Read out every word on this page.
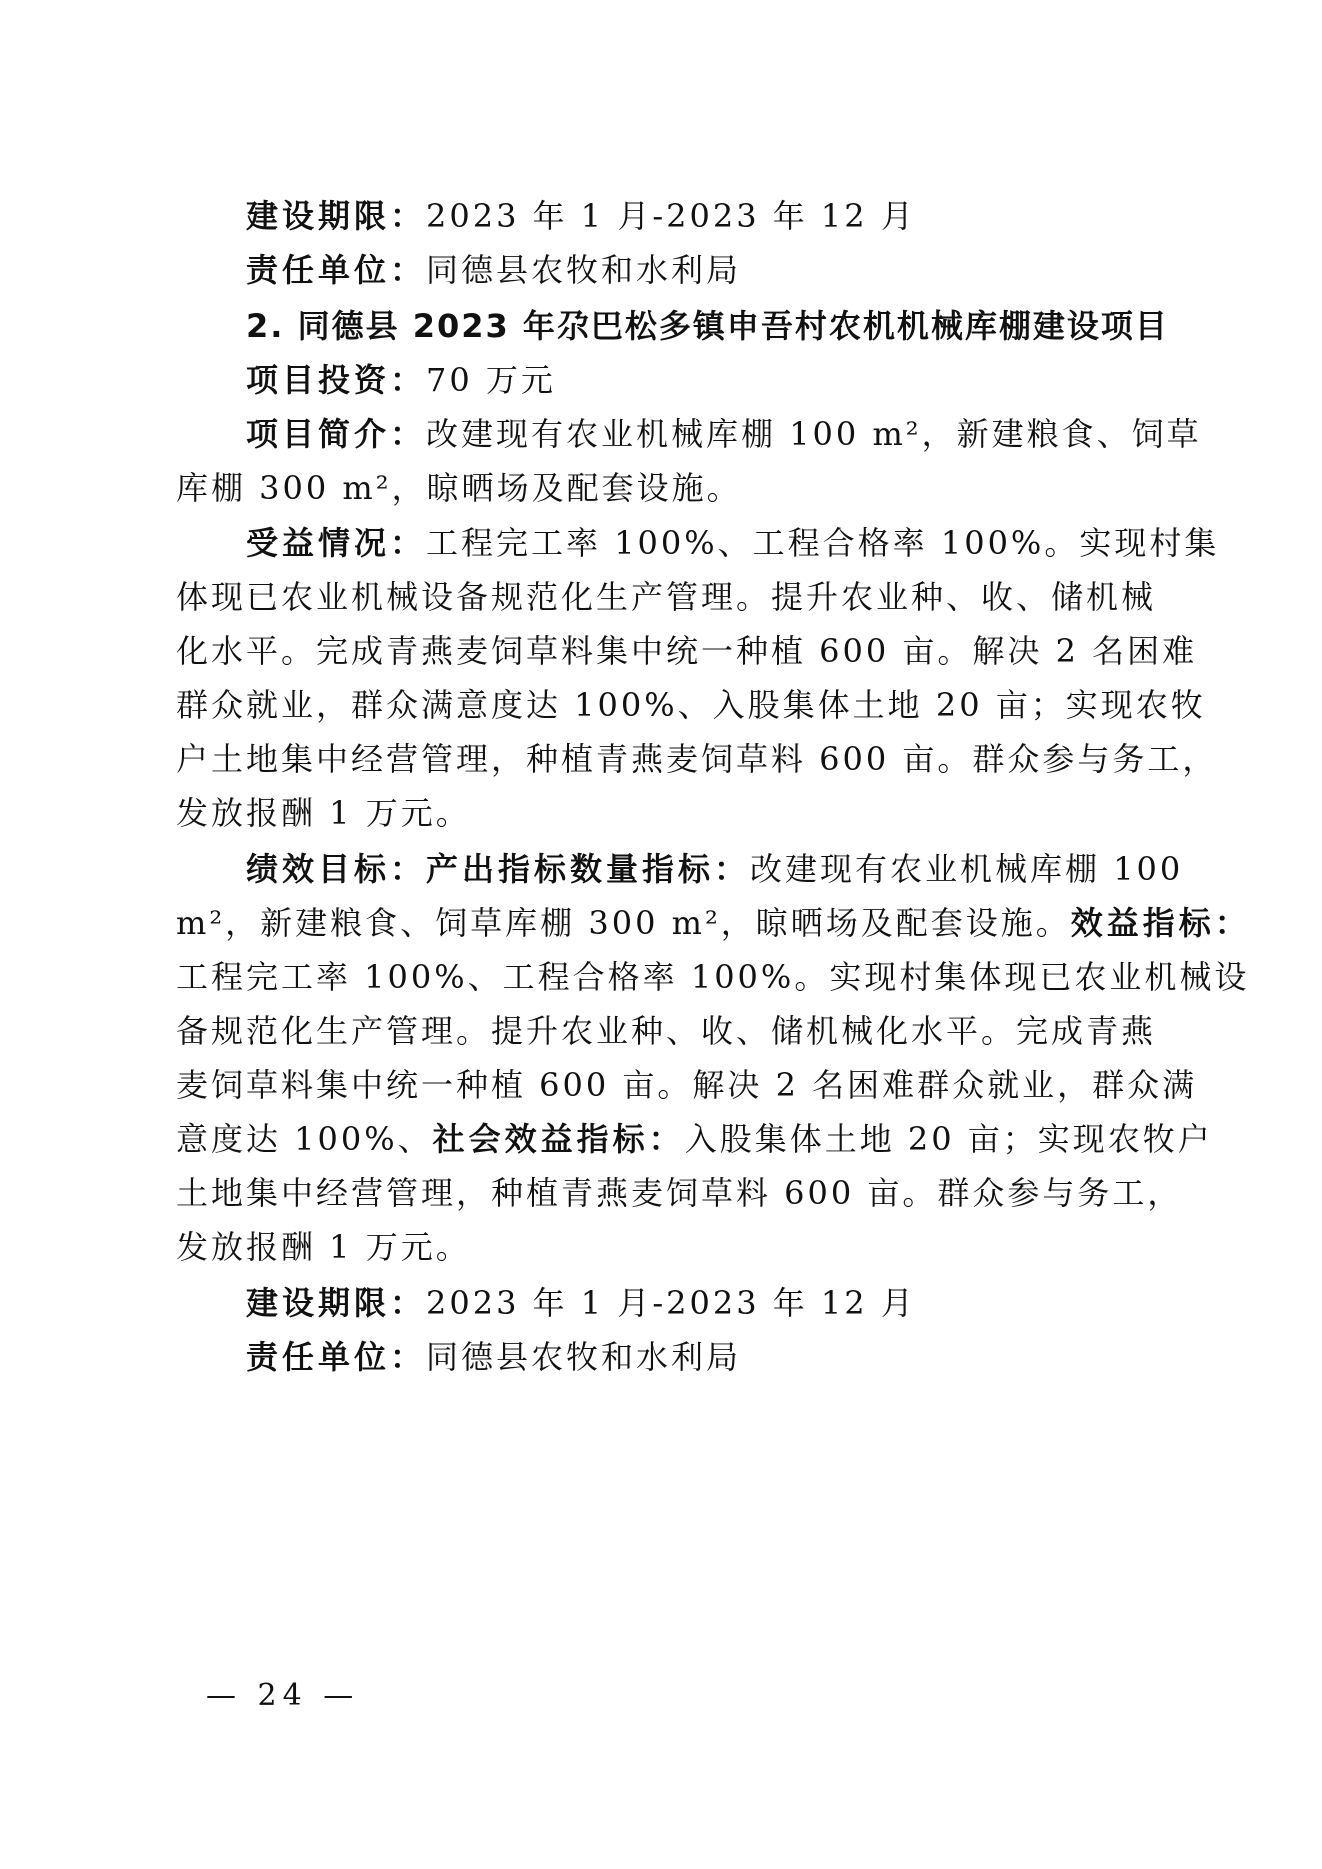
建设期限：2023 年 1 月-2023 年 12 月
责任单位：同德县农牧和水利局
2. 同德县 2023 年尕巴松多镇申吾村农机机械库棚建设项目
项目投资：70 万元
项目简介：改建现有农业机械库棚 100 m²，新建粮食、饲草
库棚 300 m²，晾晒场及配套设施。
受益情况：工程完工率 100%、工程合格率 100%。实现村集
体现已农业机械设备规范化生产管理。提升农业种、收、储机械
化水平。完成青燕麦饲草料集中统一种植 600 亩。解决 2 名困难
群众就业，群众满意度达 100%、入股集体土地 20 亩；实现农牧
户土地集中经营管理，种植青燕麦饲草料 600 亩。群众参与务工，
发放报酬 1 万元。
绩效目标：产出指标数量指标：改建现有农业机械库棚 100
m²，新建粮食、饲草库棚 300 m²，晾晒场及配套设施。效益指标：
工程完工率 100%、工程合格率 100%。实现村集体现已农业机械设
备规范化生产管理。提升农业种、收、储机械化水平。完成青燕
麦饲草料集中统一种植 600 亩。解决 2 名困难群众就业，群众满
意度达 100%、社会效益指标：入股集体土地 20 亩；实现农牧户
土地集中经营管理，种植青燕麦饲草料 600 亩。群众参与务工，
发放报酬 1 万元。
建设期限：2023 年 1 月-2023 年 12 月
责任单位：同德县农牧和水利局
— 24 —
